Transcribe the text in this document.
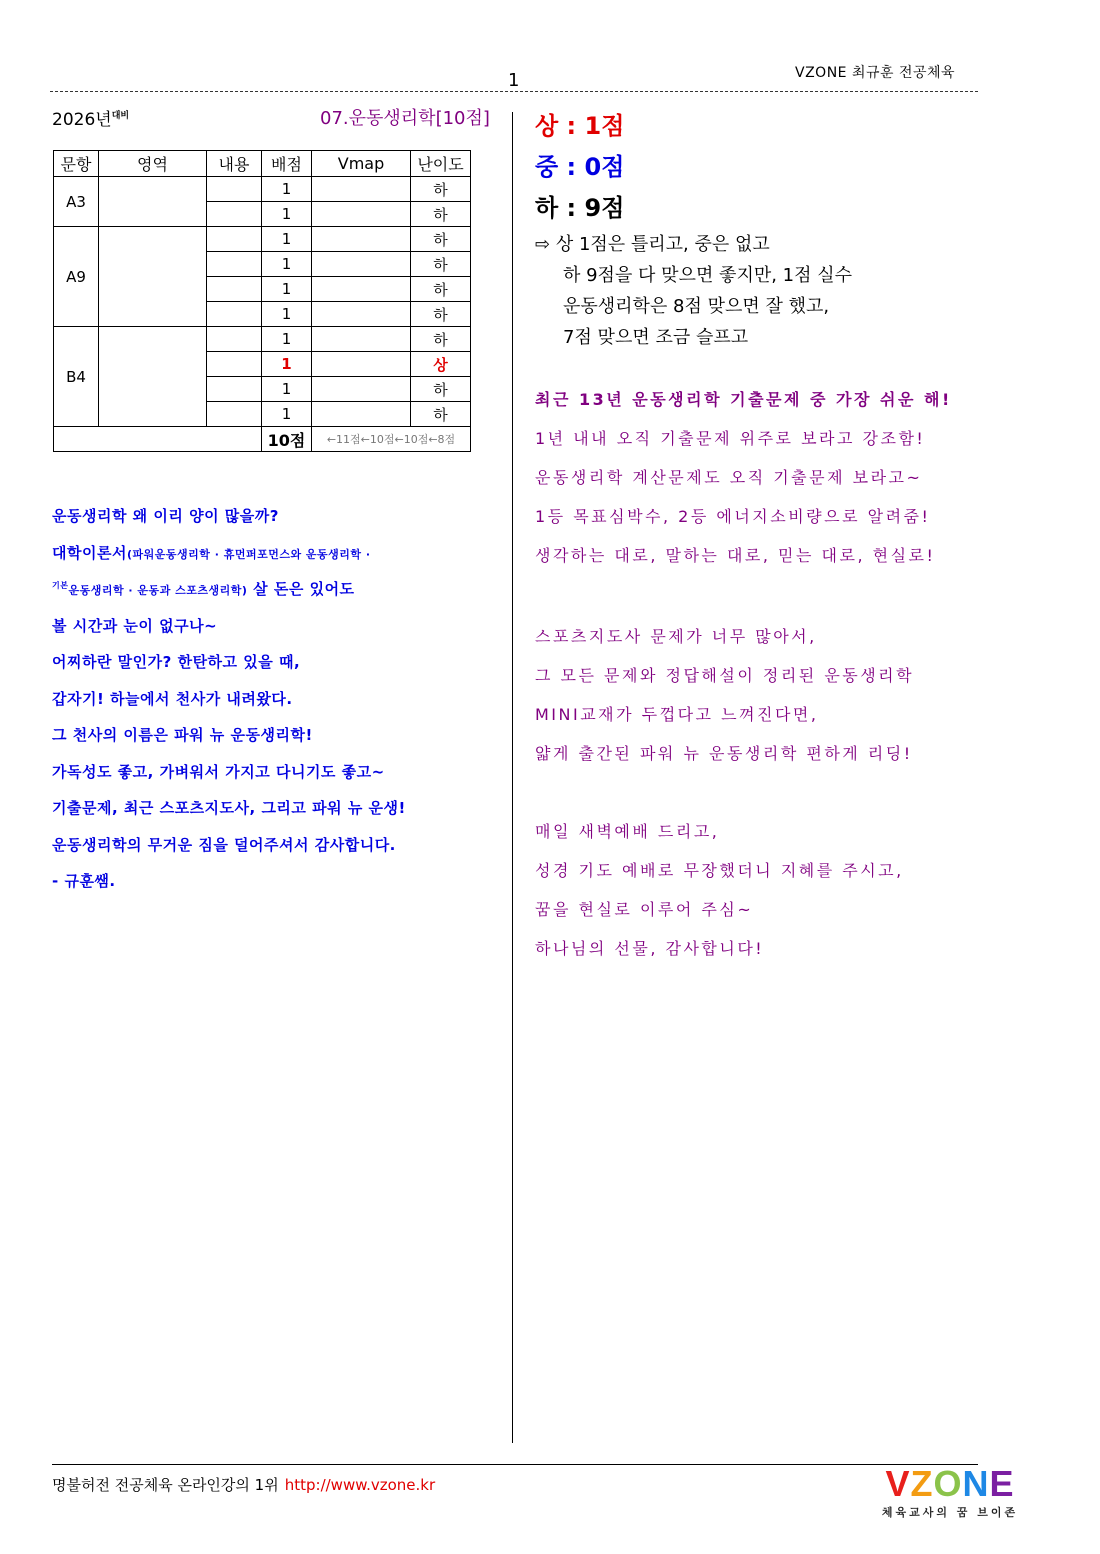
VZONE 최규훈 전공체육
1
2026년$^{대비}$	07.운동생리학[10점]
문항	영역	내용	배점	Vmap	난이도
A3			1		하
			1		하
A9			1		하
			1		하
			1		하
			1		하
B4			1		하
			1		상
			1		하
			1		하
			10점	←11점←10점←10점←8점	
상 : 1점
중 : 0점
하 : 9점
⇨ 상 1점은 틀리고, 중은 없고
하 9점을 다 맞으면 좋지만, 1점 실수
운동생리학은 8점 맞으면 잘 했고,
7점 맞으면 조금 슬프고
최근 13년 운동생리학 기출문제 중 가장 쉬운 해!
1년 내내 오직 기출문제 위주로 보라고 강조함!
운동생리학 계산문제도 오직 기출문제 보라고~
1등 목표심박수, 2등 에너지소비량으로 알려줌!
생각하는 대로, 말하는 대로, 믿는 대로, 현실로!
스포츠지도사 문제가 너무 많아서,
그 모든 문제와 정답해설이 정리된 운동생리학
MINI교재가 두껍다고 느껴진다면,
얇게 출간된 파워 뉴 운동생리학 편하게 리딩!
매일 새벽예배 드리고,
성경 기도 예배로 무장했더니 지혜를 주시고,
꿈을 현실로 이루어 주심~
하나님의 선물, 감사합니다!
운동생리학 왜 이리 양이 많을까?
대학이론서(파워운동생리학 · 휴먼퍼포먼스와 운동생리학 ·
$^{기본}$운동생리학 · 운동과 스포츠생리학) 살 돈은 있어도
볼 시간과 눈이 없구나~
어찌하란 말인가? 한탄하고 있을 때,
갑자기! 하늘에서 천사가 내려왔다.
그 천사의 이름은 파워 뉴 운동생리학!
가독성도 좋고, 가벼워서 가지고 다니기도 좋고~
기출문제, 최근 스포츠지도사, 그리고 파워 뉴 운생!
운동생리학의 무거운 짐을 덜어주셔서 감사합니다.
- 규훈쌤.
명불허전 전공체육 온라인강의 1위 http://www.vzone.kr	VZONE
체육교사의 꿈 브이존
